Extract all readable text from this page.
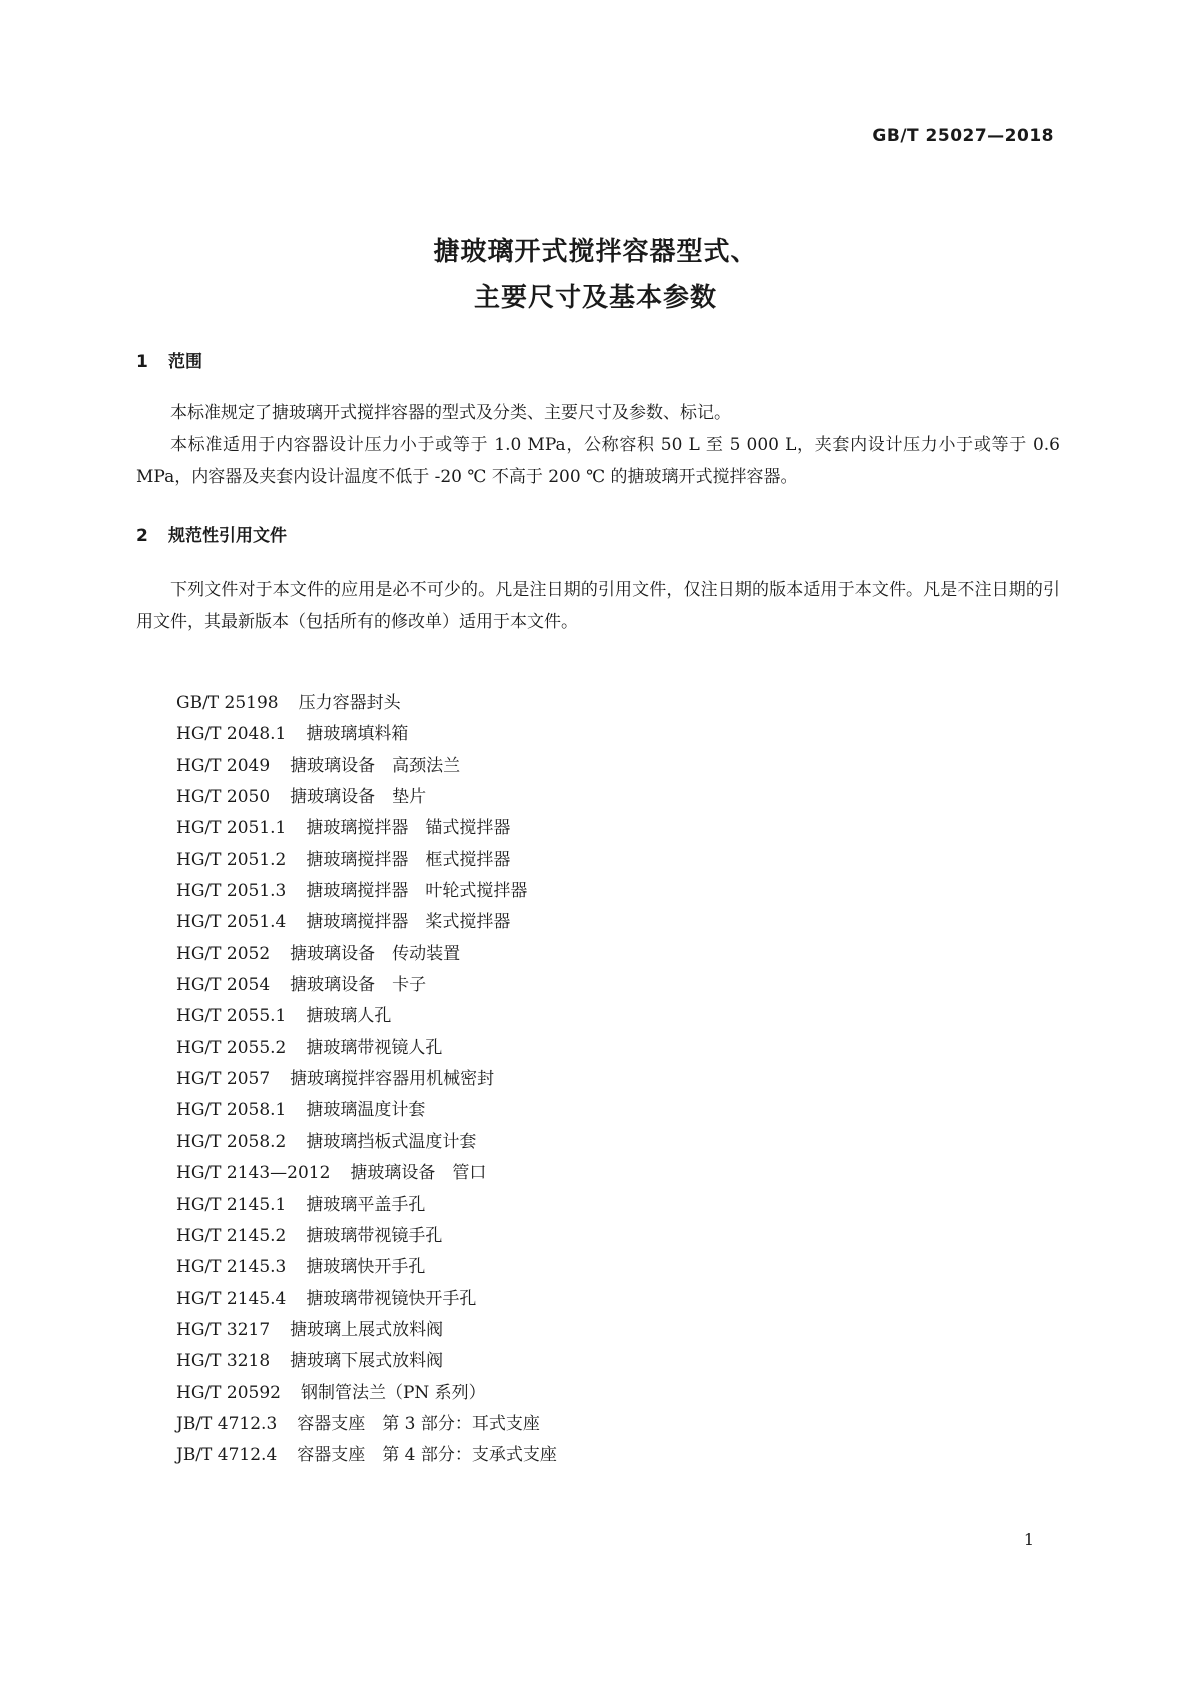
GB/T 25027—2018
搪玻璃开式搅拌容器型式、
主要尺寸及基本参数
1 范围

本标准规定了搪玻璃开式搅拌容器的型式及分类、主要尺寸及参数、标记。

本标准适用于内容器设计压力小于或等于 1.0 MPa，公称容积 50 L 至 5 000 L，夹套内设计压力小于或等于 0.6 MPa，内容器及夹套内设计温度不低于 -20 ℃ 不高于 200 ℃ 的搪玻璃开式搅拌容器。

2 规范性引用文件

下列文件对于本文件的应用是必不可少的。凡是注日期的引用文件，仅注日期的版本适用于本文件。凡是不注日期的引用文件，其最新版本（包括所有的修改单）适用于本文件。

GB/T 25198 压力容器封头
HG/T 2048.1 搪玻璃填料箱
HG/T 2049 搪玻璃设备　高颈法兰
HG/T 2050 搪玻璃设备　垫片
HG/T 2051.1 搪玻璃搅拌器　锚式搅拌器
HG/T 2051.2 搪玻璃搅拌器　框式搅拌器
HG/T 2051.3 搪玻璃搅拌器　叶轮式搅拌器
HG/T 2051.4 搪玻璃搅拌器　桨式搅拌器
HG/T 2052 搪玻璃设备　传动装置
HG/T 2054 搪玻璃设备　卡子
HG/T 2055.1 搪玻璃人孔
HG/T 2055.2 搪玻璃带视镜人孔
HG/T 2057 搪玻璃搅拌容器用机械密封
HG/T 2058.1 搪玻璃温度计套
HG/T 2058.2 搪玻璃挡板式温度计套
HG/T 2143—2012 搪玻璃设备　管口
HG/T 2145.1 搪玻璃平盖手孔
HG/T 2145.2 搪玻璃带视镜手孔
HG/T 2145.3 搪玻璃快开手孔
HG/T 2145.4 搪玻璃带视镜快开手孔
HG/T 3217 搪玻璃上展式放料阀
HG/T 3218 搪玻璃下展式放料阀
HG/T 20592 钢制管法兰（PN 系列）
JB/T 4712.3 容器支座　第 3 部分：耳式支座
JB/T 4712.4 容器支座　第 4 部分：支承式支座
1
